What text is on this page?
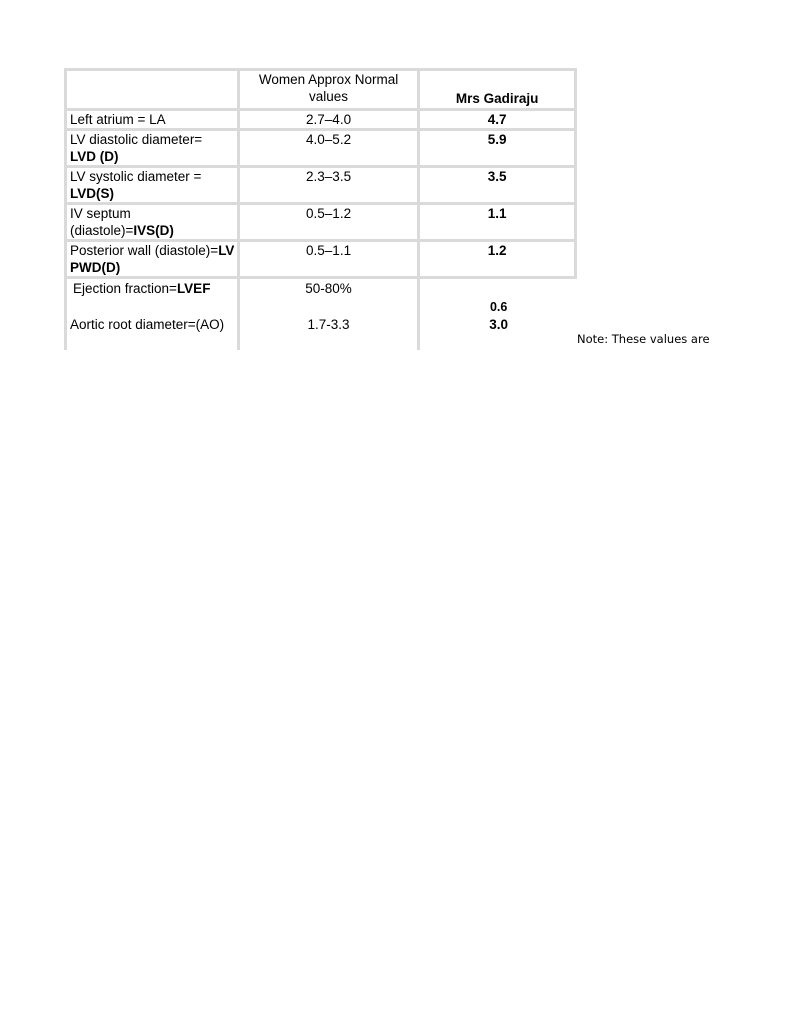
	Women Approx Normal values	Mrs Gadiraju
Left atrium = LA	2.7–4.0	4.7
LV diastolic diameter=
LVD (D)	4.0–5.2	5.9
LV systolic diameter =
LVD(S)	2.3–3.5	3.5
IV septum (diastole)=IVS(D)	0.5–1.2	1.1
Posterior wall (diastole)=LV PWD(D)	0.5–1.1	1.2
Ejection fraction=LVEF	50-80%	0.6
Aortic root diameter=(AO)	1.7-3.3	3.0
Note: These values are
